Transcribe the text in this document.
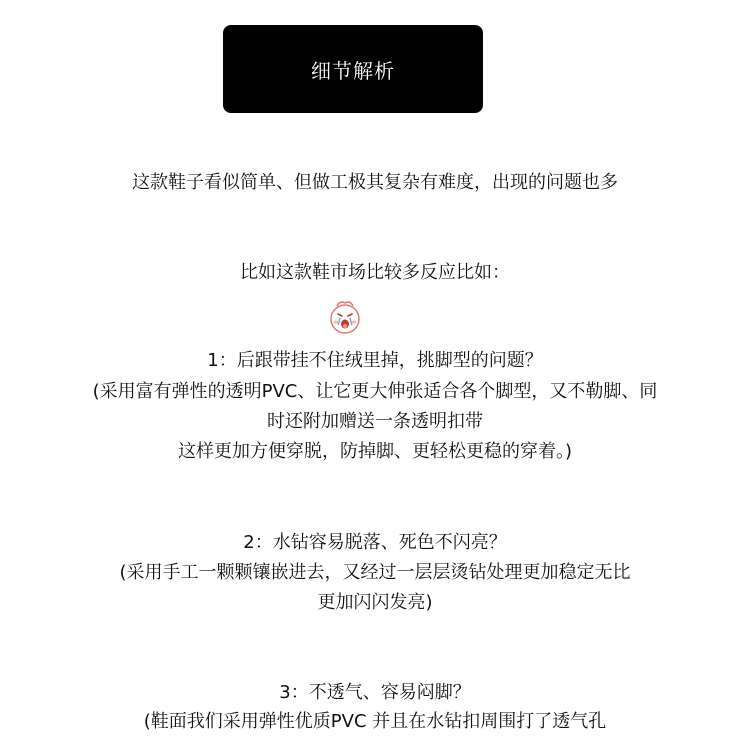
细节解析
这款鞋子看似简单、但做工极其复杂有难度，出现的问题也多
比如这款鞋市场比较多反应比如：
1：后跟带挂不住绒里掉，挑脚型的问题？
(采用富有弹性的透明PVC、让它更大伸张适合各个脚型，又不勒脚、同
时还附加赠送一条透明扣带
这样更加方便穿脱，防掉脚、更轻松更稳的穿着。)
2：水钻容易脱落、死色不闪亮？
(采用手工一颗颗镶嵌进去，又经过一层层烫钻处理更加稳定无比
更加闪闪发亮)
3：不透气、容易闷脚？
(鞋面我们采用弹性优质PVC 并且在水钻扣周围打了透气孔
